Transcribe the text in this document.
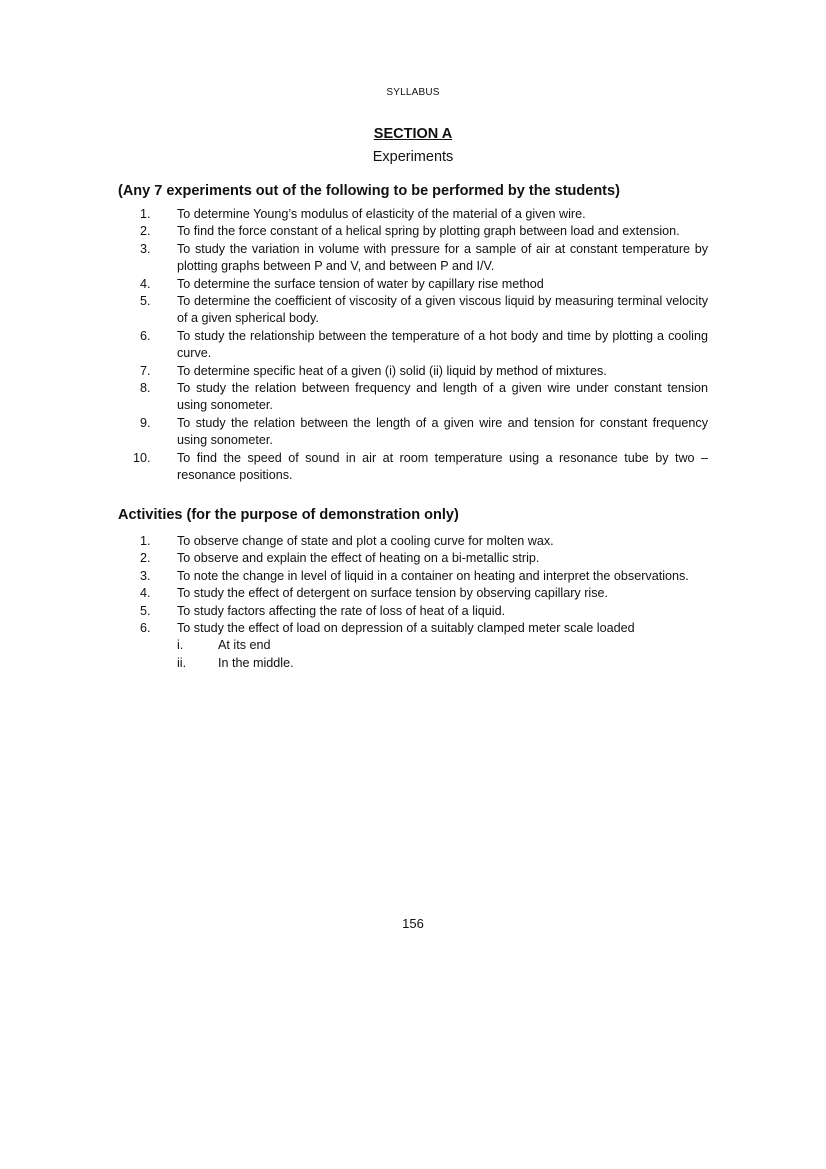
SYLLABUS
SECTION A
Experiments
(Any 7 experiments out of the following to be performed by the students)
1.	To determine Young’s modulus of elasticity of the material of a given wire.
2.	To find the force constant of a helical spring by plotting graph between load and extension.
3.	To study the variation in volume with pressure for a sample of air at constant temperature by plotting graphs between P and V, and between P and I/V.
4.	To determine the surface tension of water by capillary rise method
5.	To determine the coefficient of viscosity of a given viscous liquid by measuring terminal velocity of a given spherical body.
6.	To study the relationship between the temperature of a hot body and time by plotting a cooling curve.
7.	To determine specific heat of a given (i) solid (ii) liquid by method of mixtures.
8.	To study the relation between frequency and length of a given wire under constant tension using sonometer.
9.	To study the relation between the length of a given wire and tension for constant frequency using sonometer.
10.	To find the speed of sound in air at room temperature using a resonance tube by two – resonance positions.
Activities (for the purpose of demonstration only)
1.	To observe change of state and plot a cooling curve for molten wax.
2.	To observe and explain the effect of heating on a bi-metallic strip.
3.	To note the change in level of liquid in a container on heating and interpret the observations.
4.	To study the effect of detergent on surface tension by observing capillary rise.
5.	To study factors affecting the rate of loss of heat of a liquid.
6.	To study the effect of load on depression of a suitably clamped meter scale loaded
i.	At its end
ii.	In the middle.
156
